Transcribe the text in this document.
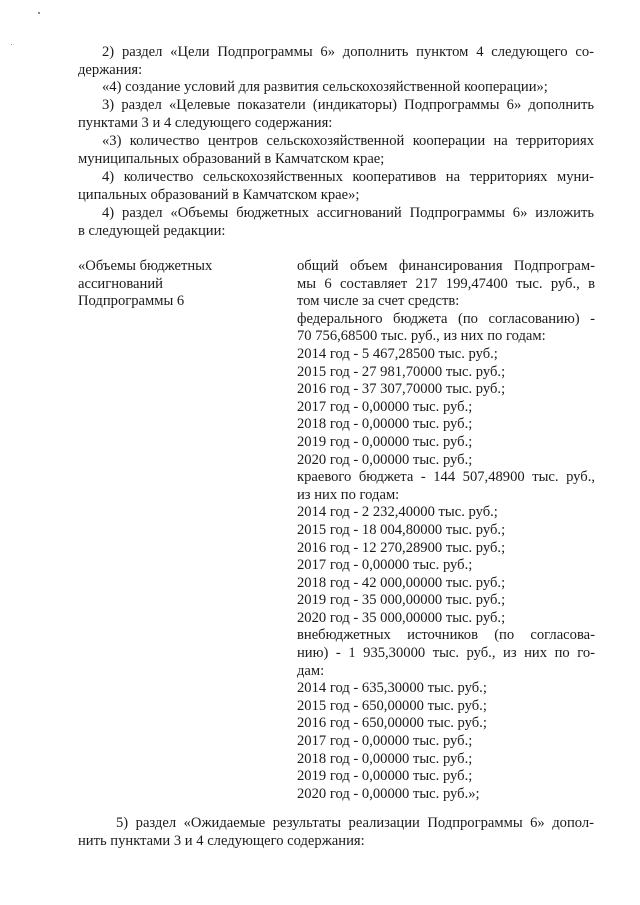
2) раздел «Цели Подпрограммы 6» дополнить пунктом 4 следующего со-
держания:
«4) создание условий для развития сельскохозяйственной кооперации»;
3) раздел «Целевые показатели (индикаторы) Подпрограммы 6» дополнить
пунктами 3 и 4 следующего содержания:
«3) количество центров сельскохозяйственной кооперации на территориях
муниципальных образований в Камчатском крае;
4) количество сельскохозяйственных кооперативов на территориях муни-
ципальных образований в Камчатском крае»;
4) раздел «Объемы бюджетных ассигнований Подпрограммы 6» изложить
в следующей редакции:
«Объемы бюджетных
ассигнований
Подпрограммы 6
общий объем финансирования Подпрограм-
мы 6 составляет 217 199,47400 тыс. руб., в
том числе за счет средств:
федерального бюджета (по согласованию) -
70 756,68500 тыс. руб., из них по годам:
2014 год - 5 467,28500 тыс. руб.;
2015 год - 27 981,70000 тыс. руб.;
2016 год - 37 307,70000 тыс. руб.;
2017 год - 0,00000 тыс. руб.;
2018 год - 0,00000 тыс. руб.;
2019 год - 0,00000 тыс. руб.;
2020 год - 0,00000 тыс. руб.;
краевого бюджета - 144 507,48900 тыс. руб.,
из них по годам:
2014 год - 2 232,40000 тыс. руб.;
2015 год - 18 004,80000 тыс. руб.;
2016 год - 12 270,28900 тыс. руб.;
2017 год - 0,00000 тыс. руб.;
2018 год - 42 000,00000 тыс. руб.;
2019 год - 35 000,00000 тыс. руб.;
2020 год - 35 000,00000 тыс. руб.;
внебюджетных источников (по согласова-
нию) - 1 935,30000 тыс. руб., из них по го-
дам:
2014 год - 635,30000 тыс. руб.;
2015 год - 650,00000 тыс. руб.;
2016 год - 650,00000 тыс. руб.;
2017 год - 0,00000 тыс. руб.;
2018 год - 0,00000 тыс. руб.;
2019 год - 0,00000 тыс. руб.;
2020 год - 0,00000 тыс. руб.»;
5) раздел «Ожидаемые результаты реализации Подпрограммы 6» допол-
нить пунктами 3 и 4 следующего содержания:
